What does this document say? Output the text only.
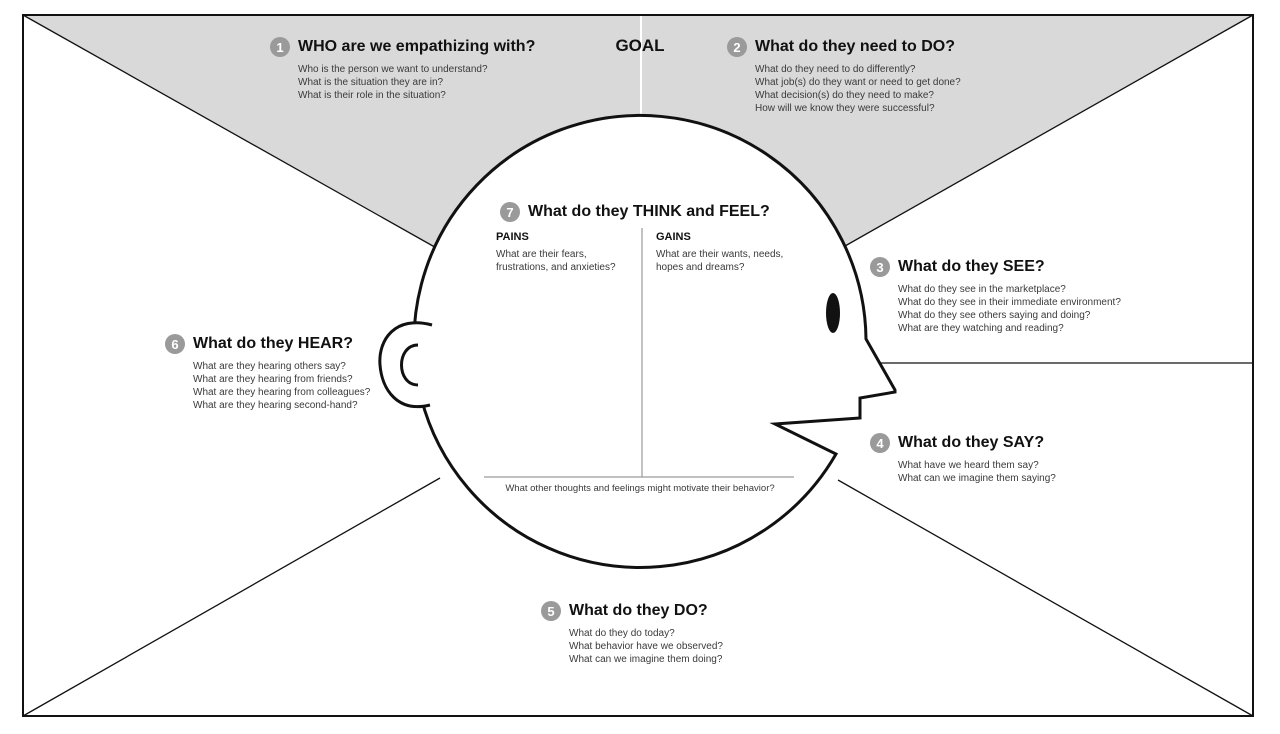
GOAL
1 WHO are we empathizing with?
Who is the person we want to understand?
What is the situation they are in?
What is their role in the situation?
2 What do they need to DO?
What do they need to do differently?
What job(s) do they want or need to get done?
What decision(s) do they need to make?
How will we know they were successful?
3 What do they SEE?
What do they see in the marketplace?
What do they see in their immediate environment?
What do they see others saying and doing?
What are they watching and reading?
4 What do they SAY?
What have we heard them say?
What can we imagine them saying?
5 What do they DO?
What do they do today?
What behavior have we observed?
What can we imagine them doing?
6 What do they HEAR?
What are they hearing others say?
What are they hearing from friends?
What are they hearing from colleagues?
What are they hearing second-hand?
7 What do they THINK and FEEL?
PAINS
What are their fears, frustrations, and anxieties?
GAINS
What are their wants, needs, hopes and dreams?
What other thoughts and feelings might motivate their behavior?
